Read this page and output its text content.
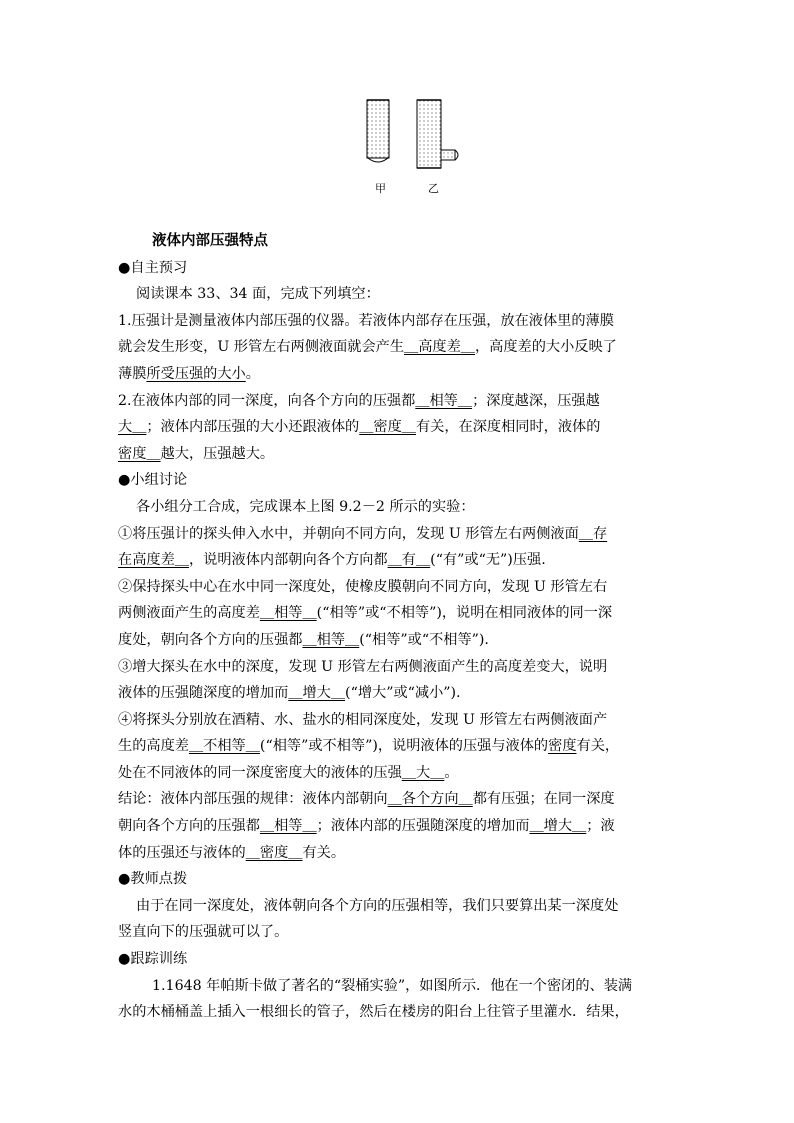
甲	乙
液体内部压强特点
●自主预习
阅读课本 33、34 面，完成下列填空：
1.压强计是测量液体内部压强的仪器。若液体内部存在压强，放在液体里的薄膜
就会发生形变，U 形管左右两侧液面就会产生＿高度差＿，高度差的大小反映了
薄膜所受压强的大小。
2.在液体内部的同一深度，向各个方向的压强都＿相等＿；深度越深，压强越
大＿；液体内部压强的大小还跟液体的＿密度＿有关，在深度相同时，液体的
密度＿越大，压强越大。
●小组讨论
各小组分工合成，完成课本上图 9.2－2 所示的实验：
①将压强计的探头伸入水中，并朝向不同方向，发现 U 形管左右两侧液面＿存
在高度差＿，说明液体内部朝向各个方向都＿有＿(“有”或“无”)压强.
②保持探头中心在水中同一深度处，使橡皮膜朝向不同方向，发现 U 形管左右
两侧液面产生的高度差＿相等＿(“相等”或“不相等”)，说明在相同液体的同一深
度处，朝向各个方向的压强都＿相等＿(“相等”或“不相等”).
③增大探头在水中的深度，发现 U 形管左右两侧液面产生的高度差变大，说明
液体的压强随深度的增加而＿增大＿(“增大”或“减小”).
④将探头分别放在酒精、水、盐水的相同深度处，发现 U 形管左右两侧液面产
生的高度差＿不相等＿(“相等”或不相等”)，说明液体的压强与液体的密度有关，
处在不同液体的同一深度密度大的液体的压强＿大＿。
结论：液体内部压强的规律：液体内部朝向＿各个方向＿都有压强；在同一深度
朝向各个方向的压强都＿相等＿；液体内部的压强随深度的增加而＿增大＿；液
体的压强还与液体的＿密度＿有关。
●教师点拨
由于在同一深度处，液体朝向各个方向的压强相等，我们只要算出某一深度处
竖直向下的压强就可以了。
●跟踪训练
1.1648 年帕斯卡做了著名的“裂桶实验”，如图所示．他在一个密闭的、装满
水的木桶桶盖上插入一根细长的管子，然后在楼房的阳台上往管子里灌水．结果，
